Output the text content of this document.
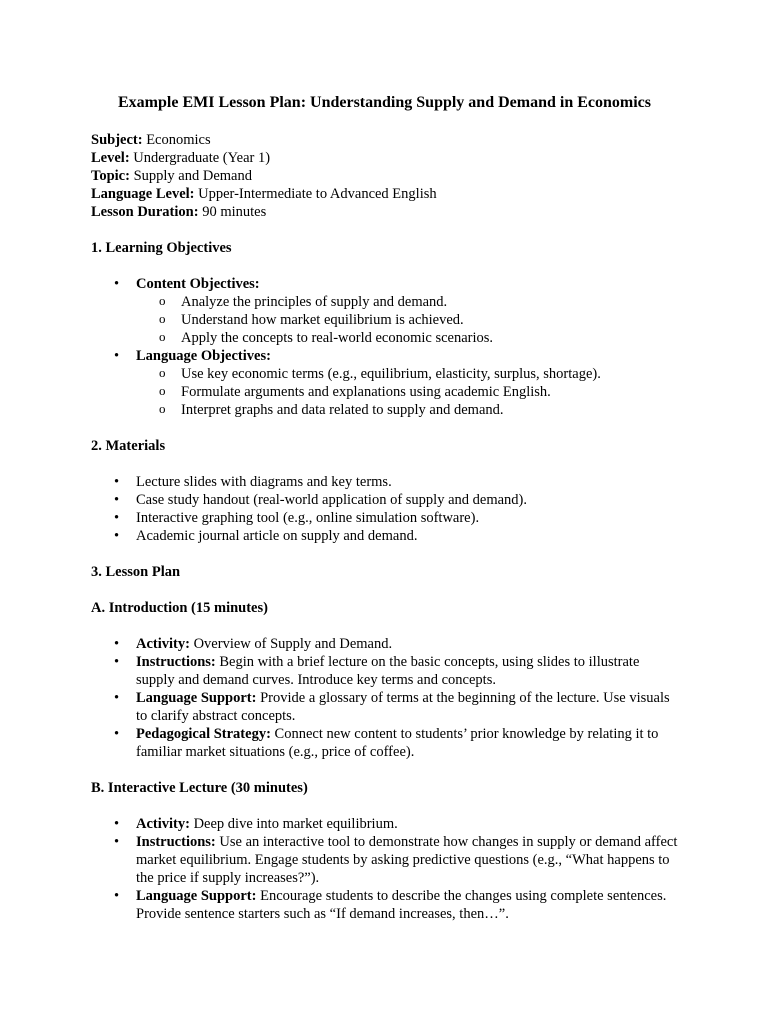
Example EMI Lesson Plan: Understanding Supply and Demand in Economics

Subject: Economics

Level: Undergraduate (Year 1)

Topic: Supply and Demand

Language Level: Upper-Intermediate to Advanced English

Lesson Duration: 90 minutes

1. Learning Objectives

• Content Objectives:
o Analyze the principles of supply and demand.
o Understand how market equilibrium is achieved.
o Apply the concepts to real-world economic scenarios.
• Language Objectives:
o Use key economic terms (e.g., equilibrium, elasticity, surplus, shortage).
o Formulate arguments and explanations using academic English.
o Interpret graphs and data related to supply and demand.

2. Materials

• Lecture slides with diagrams and key terms.
• Case study handout (real-world application of supply and demand).
• Interactive graphing tool (e.g., online simulation software).
• Academic journal article on supply and demand.

3. Lesson Plan

A. Introduction (15 minutes)

• Activity: Overview of Supply and Demand.
• Instructions: Begin with a brief lecture on the basic concepts, using slides to illustrate supply and demand curves. Introduce key terms and concepts.
• Language Support: Provide a glossary of terms at the beginning of the lecture. Use visuals to clarify abstract concepts.
• Pedagogical Strategy: Connect new content to students’ prior knowledge by relating it to familiar market situations (e.g., price of coffee).

B. Interactive Lecture (30 minutes)

• Activity: Deep dive into market equilibrium.
• Instructions: Use an interactive tool to demonstrate how changes in supply or demand affect market equilibrium. Engage students by asking predictive questions (e.g., “What happens to the price if supply increases?”).
• Language Support: Encourage students to describe the changes using complete sentences. Provide sentence starters such as “If demand increases, then…”.
